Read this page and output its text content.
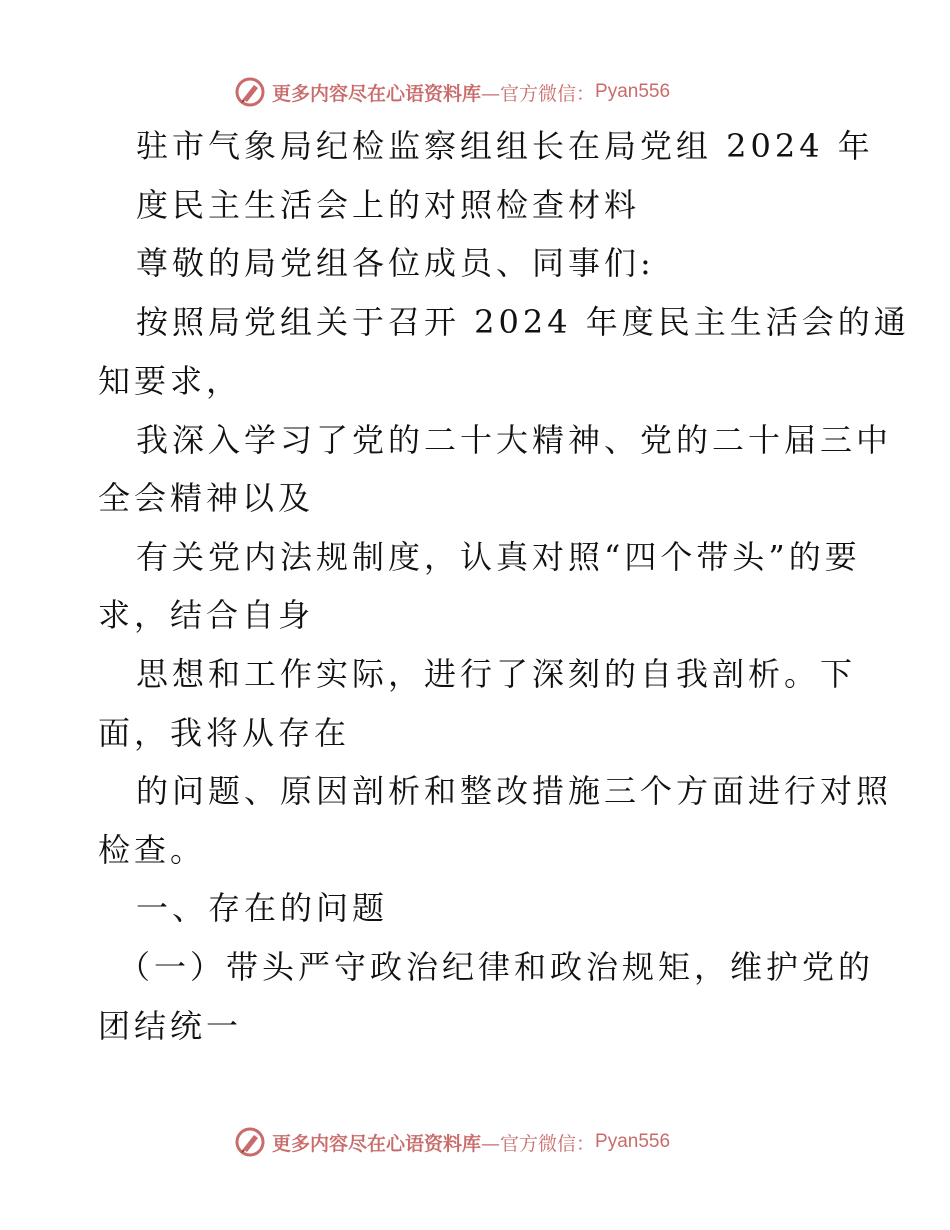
更多内容尽在心语资料库 —官方微信： Pyan556
驻市气象局纪检监察组组长在局党组 2024 年
度民主生活会上的对照检查材料
尊敬的局党组各位成员、同事们:
按照局党组关于召开 2024 年度民主生活会的通
知要求，
我深入学习了党的二十大精神、党的二十届三中
全会精神以及
有关党内法规制度，认真对照“四个带头”的要
求，结合自身
思想和工作实际，进行了深刻的自我剖析。下
面，我将从存在
的问题、原因剖析和整改措施三个方面进行对照
检查。
一、存在的问题
（一）带头严守政治纪律和政治规矩，维护党的
团结统一
更多内容尽在心语资料库 —官方微信： Pyan556
